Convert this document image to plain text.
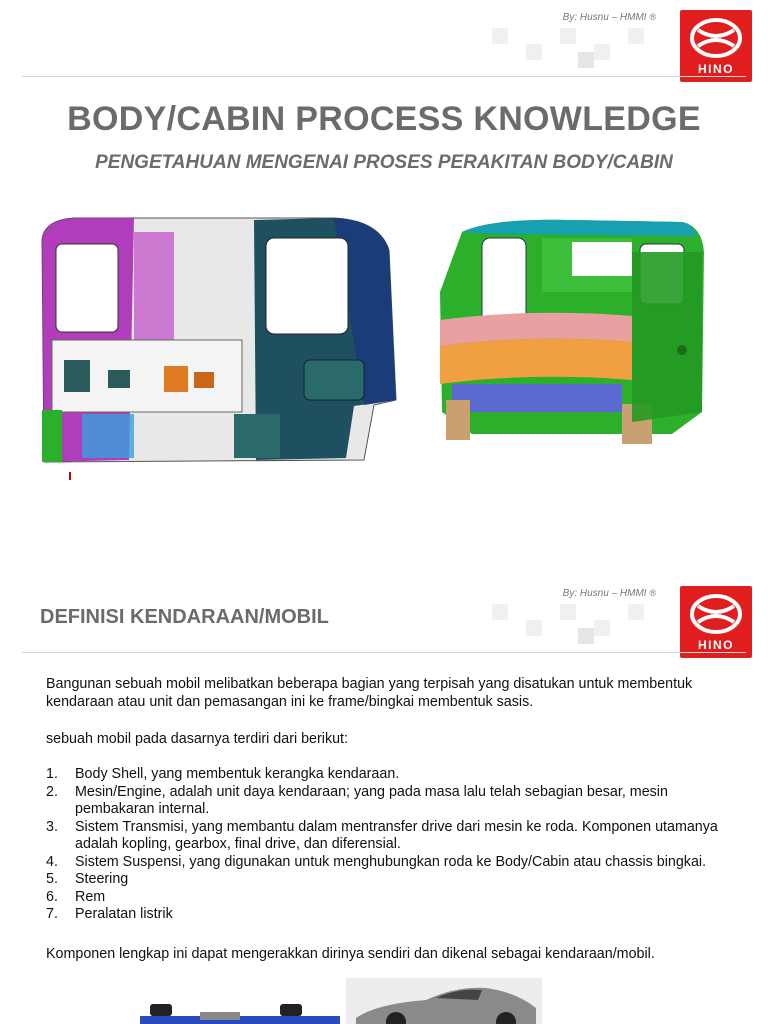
By: Husnu – HMMI ®
HINO
BODY/CABIN PROCESS KNOWLEDGE
PENGETAHUAN MENGENAI PROSES PERAKITAN BODY/CABIN
By: Husnu – HMMI ®
HINO
DEFINISI KENDARAAN/MOBIL
Bangunan sebuah mobil melibatkan beberapa bagian yang terpisah yang disatukan untuk membentuk kendaraan atau unit dan pemasangan ini ke frame/bingkai membentuk sasis.
sebuah mobil pada dasarnya terdiri dari berikut:
1. Body Shell, yang membentuk kerangka kendaraan.
2. Mesin/Engine, adalah unit daya kendaraan; yang pada masa lalu telah sebagian besar, mesin pembakaran internal.
3. Sistem Transmisi, yang membantu dalam mentransfer drive dari mesin ke roda. Komponen utamanya adalah kopling, gearbox, final drive, dan diferensial.
4. Sistem Suspensi, yang digunakan untuk menghubungkan roda ke Body/Cabin atau chassis bingkai.
5. Steering
6. Rem
7. Peralatan listrik
Komponen lengkap ini dapat mengerakkan dirinya sendiri dan dikenal sebagai kendaraan/mobil.
